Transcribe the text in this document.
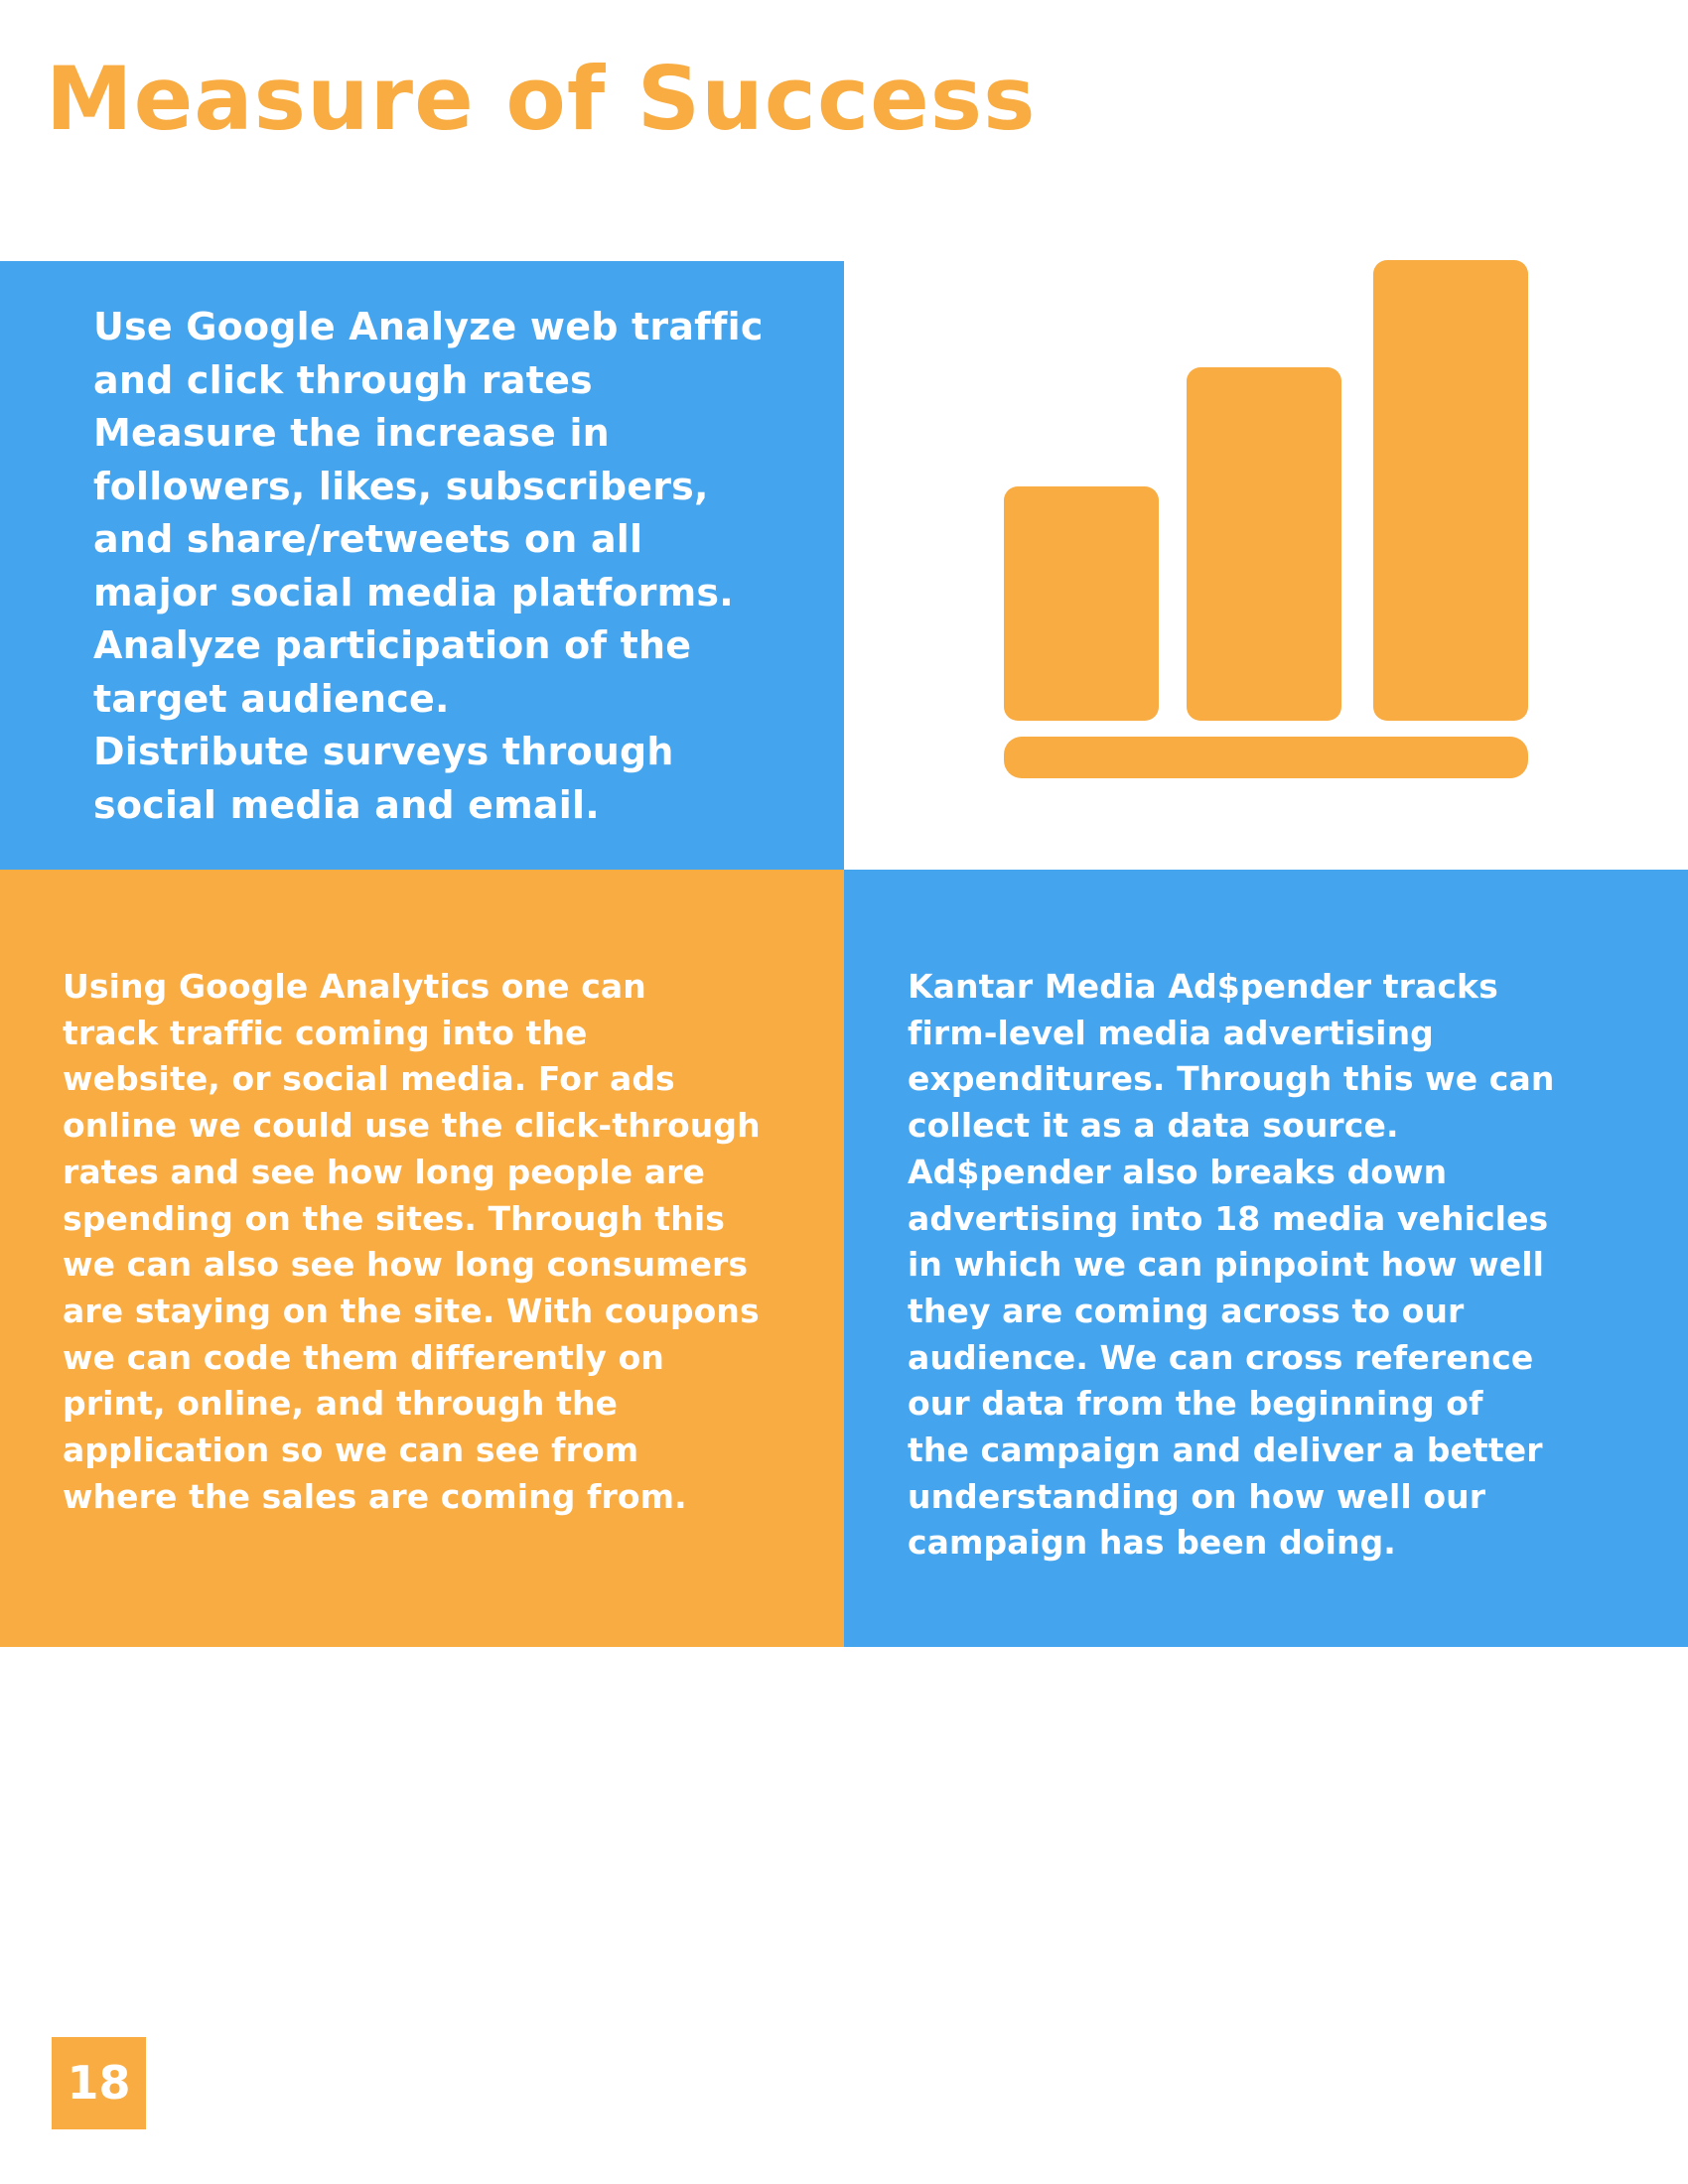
Measure of Success
Use Google Analyze web traffic
and click through rates
Measure the increase in
followers, likes, subscribers,
and share/retweets on all
major social media platforms.
Analyze participation of the
target audience.
Distribute surveys through
social media and email.
Using Google Analytics one can
track traffic coming into the
website, or social media. For ads
online we could use the click-through
rates and see how long people are
spending on the sites. Through this
we can also see how long consumers
are staying on the site. With coupons
we can code them differently on
print, online, and through the
application so we can see from
where the sales are coming from.
Kantar Media Ad$pender tracks
firm-level media advertising
expenditures. Through this we can
collect it as a data source.
Ad$pender also breaks down
advertising into 18 media vehicles
in which we can pinpoint how well
they are coming across to our
audience. We can cross reference
our data from the beginning of
the campaign and deliver a better
understanding on how well our
campaign has been doing.
18
